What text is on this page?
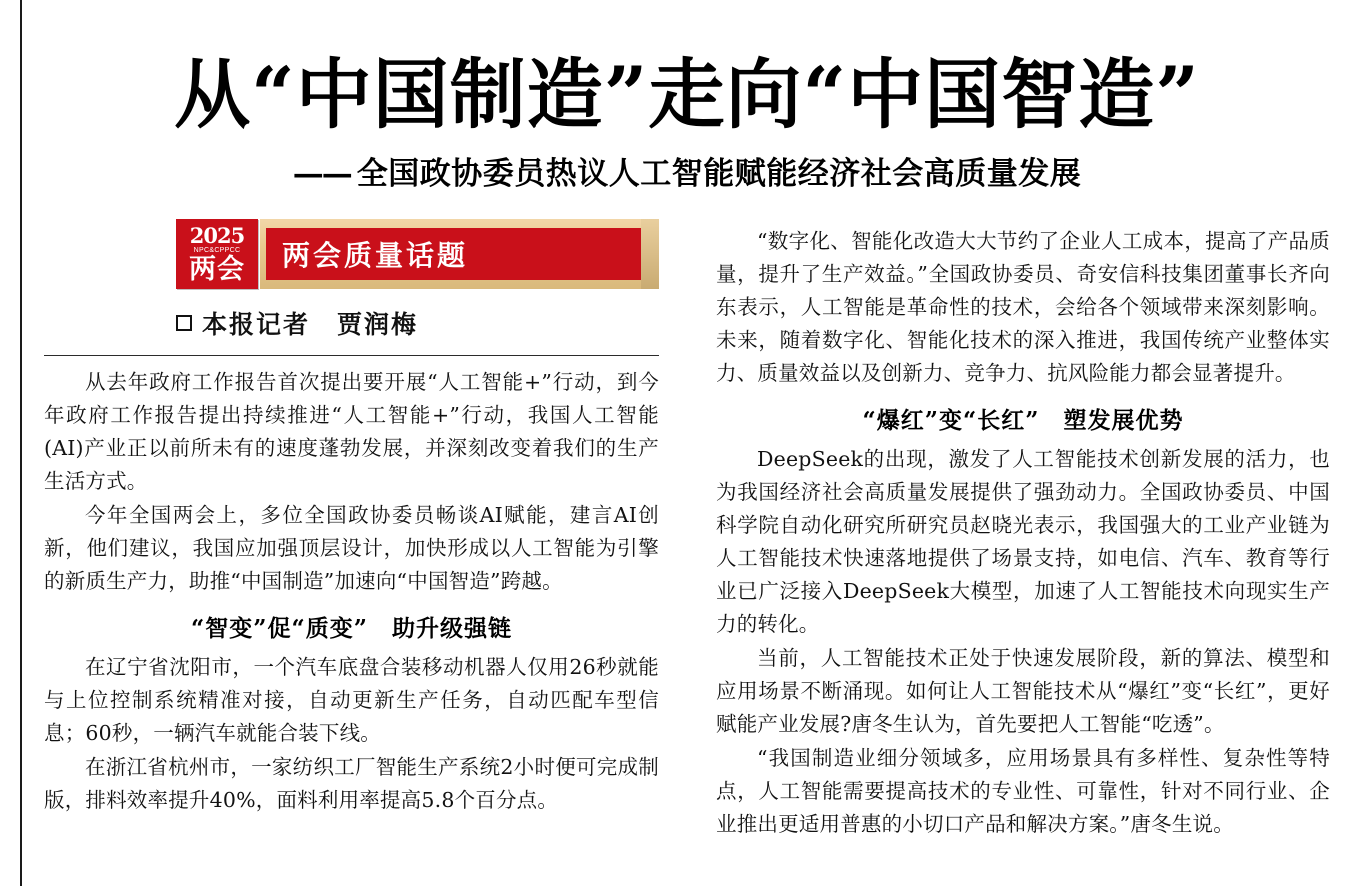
从“中国制造”走向“中国智造”
—— 全国政协委员热议人工智能赋能经济社会高质量发展
2025
NPC&CPPCC
两会	两会质量话题
本报记者　贾润梅

从去年政府工作报告首次提出要开展“人工智能+”行动，到今年政府工作报告提出持续推进“人工智能+”行动，我国人工智能(AI)产业正以前所未有的速度蓬勃发展，并深刻改变着我们的生产生活方式。

今年全国两会上，多位全国政协委员畅谈AI赋能，建言AI创新，他们建议，我国应加强顶层设计，加快形成以人工智能为引擎的新质生产力，助推“中国制造”加速向“中国智造”跨越。

“智变”促“质变”　助升级强链

在辽宁省沈阳市，一个汽车底盘合装移动机器人仅用26秒就能与上位控制系统精准对接，自动更新生产任务，自动匹配车型信息；60秒，一辆汽车就能合装下线。

在浙江省杭州市，一家纺织工厂智能生产系统2小时便可完成制版，排料效率提升40%，面料利用率提高5.8个百分点。

“数字化、智能化改造大大节约了企业人工成本，提高了产品质量，提升了生产效益。”全国政协委员、奇安信科技集团董事长齐向东表示，人工智能是革命性的技术，会给各个领域带来深刻影响。未来，随着数字化、智能化技术的深入推进，我国传统产业整体实力、质量效益以及创新力、竞争力、抗风险能力都会显著提升。

“爆红”变“长红”　塑发展优势

DeepSeek的出现，激发了人工智能技术创新发展的活力，也为我国经济社会高质量发展提供了强劲动力。全国政协委员、中国科学院自动化研究所研究员赵晓光表示，我国强大的工业产业链为人工智能技术快速落地提供了场景支持，如电信、汽车、教育等行业已广泛接入DeepSeek大模型，加速了人工智能技术向现实生产力的转化。

当前，人工智能技术正处于快速发展阶段，新的算法、模型和应用场景不断涌现。如何让人工智能技术从“爆红”变“长红”，更好赋能产业发展?唐冬生认为，首先要把人工智能“吃透”。

“我国制造业细分领域多，应用场景具有多样性、复杂性等特点，人工智能需要提高技术的专业性、可靠性，针对不同行业、企业推出更适用普惠的小切口产品和解决方案。”唐冬生说。
